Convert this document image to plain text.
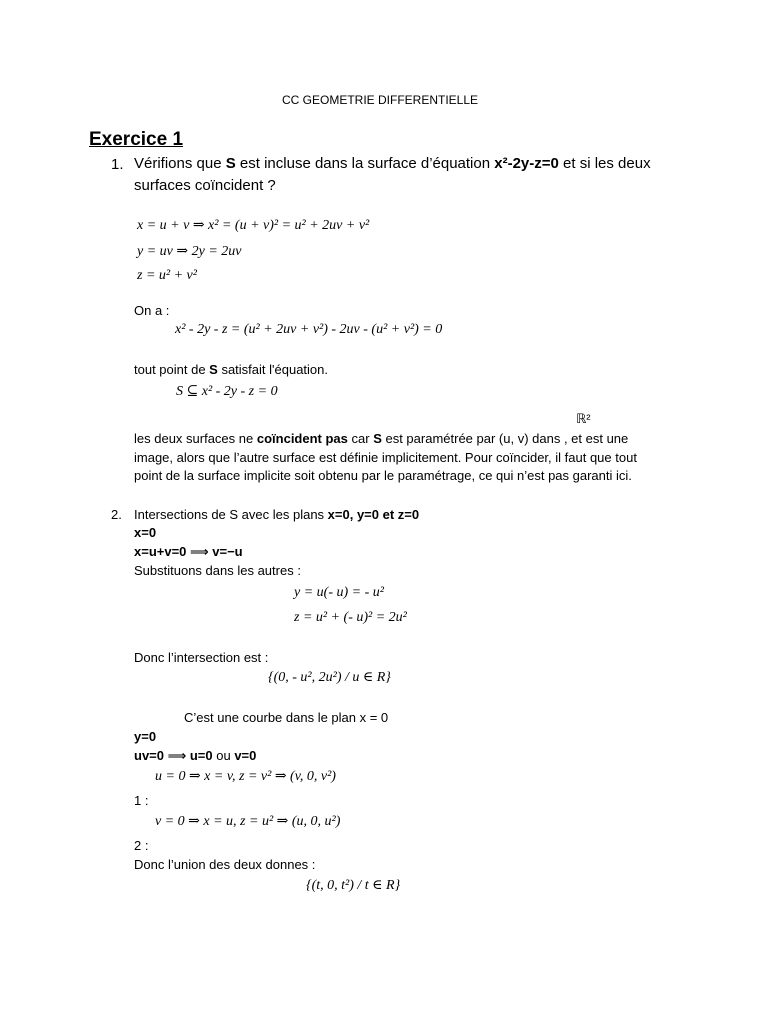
CC GEOMETRIE DIFFERENTIELLE
Exercice 1
1. Vérifions que S est incluse dans la surface d’équation x²-2y-z=0 et si les deux
surfaces coïncident ?
x = u + v ⇒ x² = (u + v)² = u² + 2uv + v²
y = uv ⇒ 2y = 2uv
z = u² + v²
On a :
x² - 2y - z = (u² + 2uv + v²) - 2uv - (u² + v²) = 0
tout point de S satisfait l'équation.
S ⊆ x² - 2y - z = 0
ℝ²
les deux surfaces ne coïncident pas car S est paramétrée par (u, v) dans , et est une
image, alors que l’autre surface est définie implicitement. Pour coïncider, il faut que tout
point de la surface implicite soit obtenu par le paramétrage, ce qui n’est pas garanti ici.
2. Intersections de S avec les plans x=0, y=0 et z=0
x=0
x=u+v=0 ⟹ v=−u
Substituons dans les autres :
y = u(- u) = - u²
z = u² + (- u)² = 2u²
Donc l’intersection est :
{(0, - u², 2u²) / u ∈ R}
C’est une courbe dans le plan x = 0
y=0
uv=0 ⟹ u=0 ou v=0
u = 0 ⇒ x = v, z = v² ⇒ (v, 0, v²)
1 :
v = 0 ⇒ x = u, z = u² ⇒ (u, 0, u²)
2 :
Donc l’union des deux donnes :
{(t, 0, t²) / t ∈ R}
